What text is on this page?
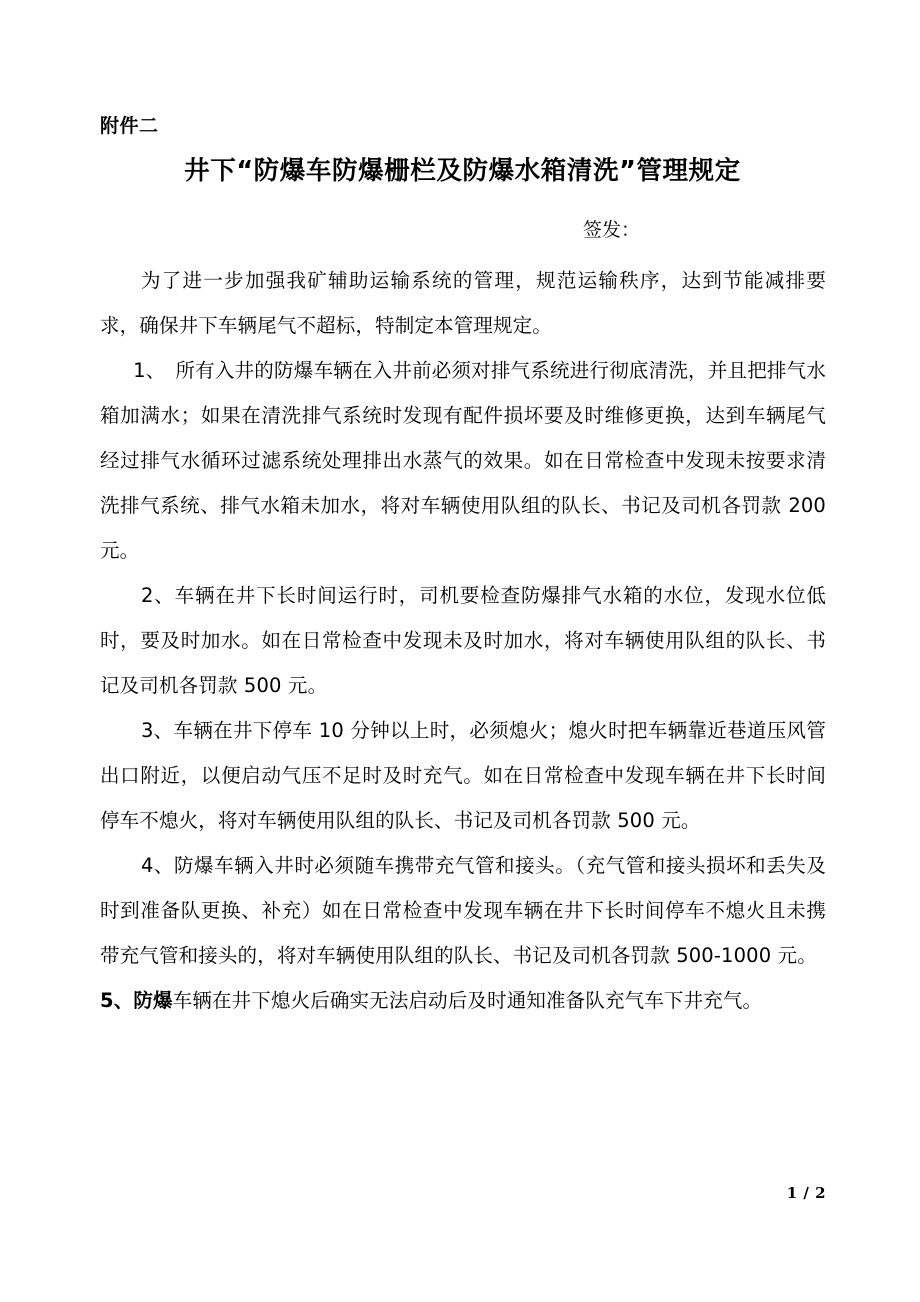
附件二
井下“防爆车防爆栅栏及防爆水箱清洗”管理规定
签发：

为了进一步加强我矿辅助运输系统的管理，规范运输秩序，达到节能减排要求，确保井下车辆尾气不超标，特制定本管理规定。

1、　所有入井的防爆车辆在入井前必须对排气系统进行彻底清洗，并且把排气水箱加满水；如果在清洗排气系统时发现有配件损坏要及时维修更换，达到车辆尾气经过排气水循环过滤系统处理排出水蒸气的效果。如在日常检查中发现未按要求清洗排气系统、排气水箱未加水，将对车辆使用队组的队长、书记及司机各罚款 200 元。

2、车辆在井下长时间运行时，司机要检查防爆排气水箱的水位，发现水位低时，要及时加水。如在日常检查中发现未及时加水，将对车辆使用队组的队长、书记及司机各罚款 500 元。

3、车辆在井下停车 10 分钟以上时，必须熄火；熄火时把车辆靠近巷道压风管出口附近，以便启动气压不足时及时充气。如在日常检查中发现车辆在井下长时间停车不熄火，将对车辆使用队组的队长、书记及司机各罚款 500 元。

4、防爆车辆入井时必须随车携带充气管和接头。（充气管和接头损坏和丢失及时到准备队更换、补充）如在日常检查中发现车辆在井下长时间停车不熄火且未携带充气管和接头的，将对车辆使用队组的队长、书记及司机各罚款 500-1000 元。

5、防爆车辆在井下熄火后确实无法启动后及时通知准备队充气车下井充气。

1 / 2
